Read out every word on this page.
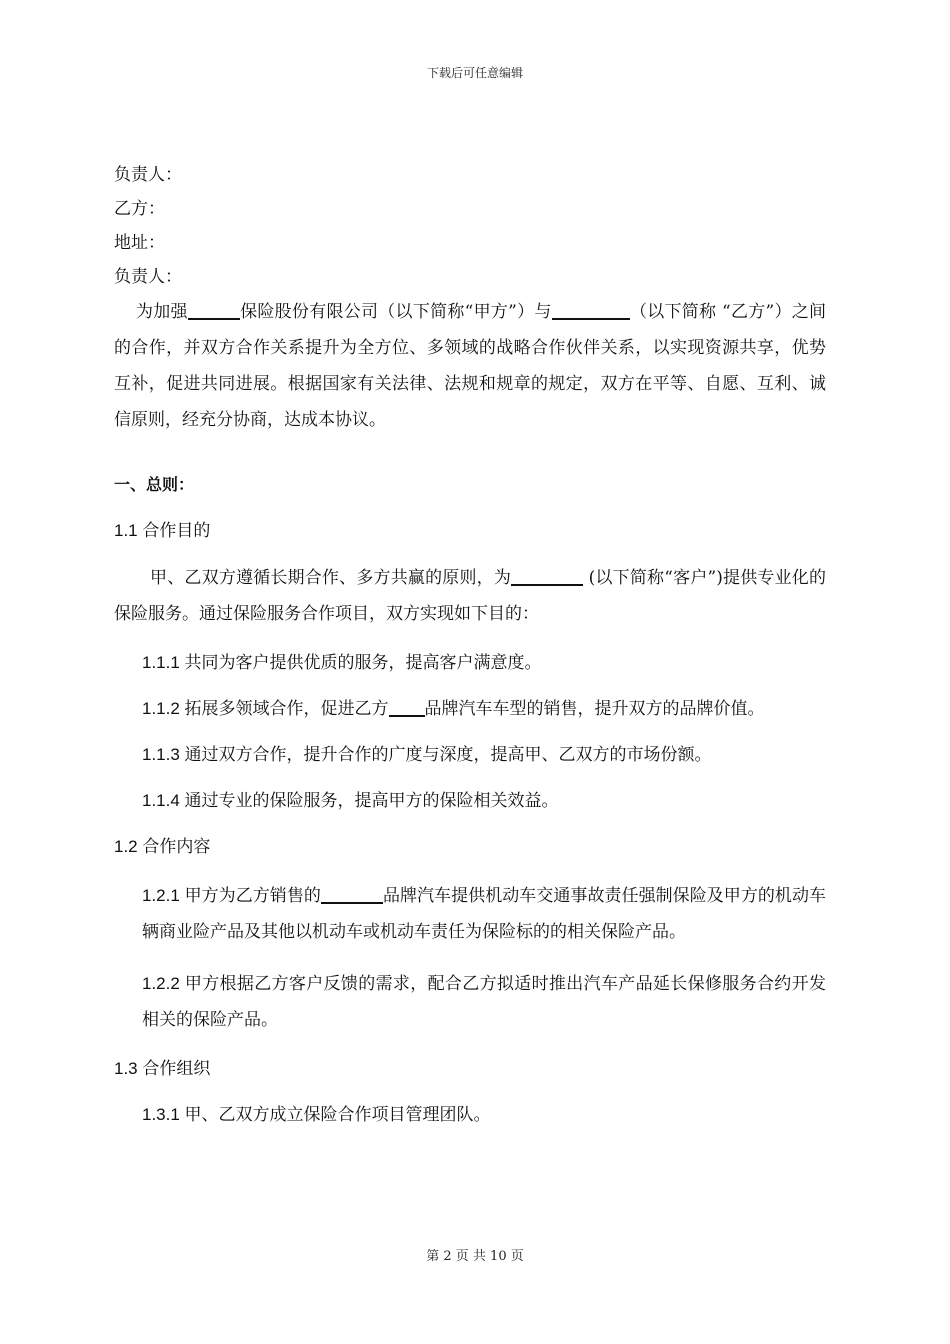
下载后可任意编辑

负责人：

乙方：

地址：

负责人：

为加强	保险股份有限公司（以下简称“甲方”）与	（以下简称 “乙方”）之间的合作，并双方合作关系提升为全方位、多领域的战略合作伙伴关系，以实现资源共享，优势互补，促进共同进展。根据国家有关法律、法规和规章的规定，双方在平等、自愿、互利、诚信原则，经充分协商，达成本协议。

一、总则：

1.1 合作目的

甲、乙双方遵循长期合作、多方共赢的原则，为	(以下简称“客户”)提供专业化的保险服务。通过保险服务合作项目，双方实现如下目的：

1.1.1 共同为客户提供优质的服务，提高客户满意度。

1.1.2 拓展多领域合作，促进乙方 品牌汽车车型的销售，提升双方的品牌价值。

1.1.3 通过双方合作，提升合作的广度与深度，提高甲、乙双方的市场份额。

1.1.4 通过专业的保险服务，提高甲方的保险相关效益。

1.2 合作内容

1.2.1 甲方为乙方销售的	品牌汽车提供机动车交通事故责任强制保险及甲方的机动车辆商业险产品及其他以机动车或机动车责任为保险标的的相关保险产品。

1.2.2 甲方根据乙方客户反馈的需求，配合乙方拟适时推出汽车产品延长保修服务合约开发相关的保险产品。

1.3 合作组织

1.3.1 甲、乙双方成立保险合作项目管理团队。

第 2 页 共 10 页
